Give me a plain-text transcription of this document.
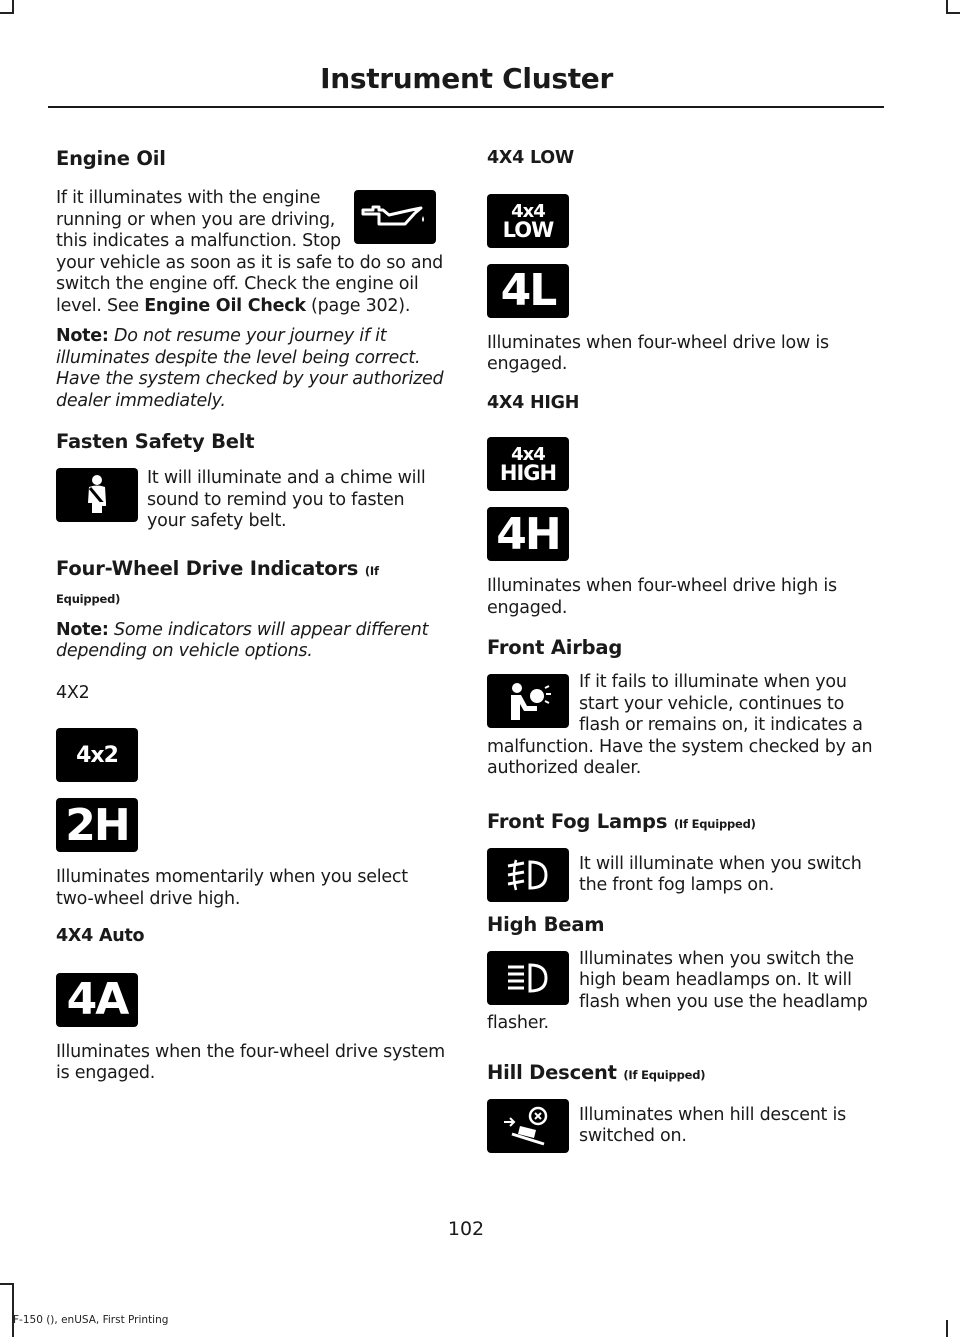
Instrument Cluster
Engine Oil

If it illuminates with the engine running or when you are driving, this indicates a malfunction. Stop your vehicle as soon as it is safe to do so and switch the engine off. Check the engine oil level. See Engine Oil Check (page 302).

Note: Do not resume your journey if it illuminates despite the level being correct. Have the system checked by your authorized dealer immediately.

Fasten Safety Belt

It will illuminate and a chime will sound to remind you to fasten your safety belt.

Four-Wheel Drive Indicators (If Equipped)

Note: Some indicators will appear different depending on vehicle options.

4X2

4x2
2H

Illuminates momentarily when you select two-wheel drive high.

4X4 Auto

4A

Illuminates when the four-wheel drive system is engaged.

4X4 LOW

4x4
LOW
4L

Illuminates when four-wheel drive low is engaged.

4X4 HIGH

4x4
HIGH
4H

Illuminates when four-wheel drive high is engaged.

Front Airbag

If it fails to illuminate when you start your vehicle, continues to flash or remains on, it indicates a malfunction. Have the system checked by an authorized dealer.

Front Fog Lamps (If Equipped)

It will illuminate when you switch the front fog lamps on.

High Beam

Illuminates when you switch the high beam headlamps on. It will flash when you use the headlamp flasher.

Hill Descent (If Equipped)

Illuminates when hill descent is switched on.

102
F-150 (), enUSA, First Printing
